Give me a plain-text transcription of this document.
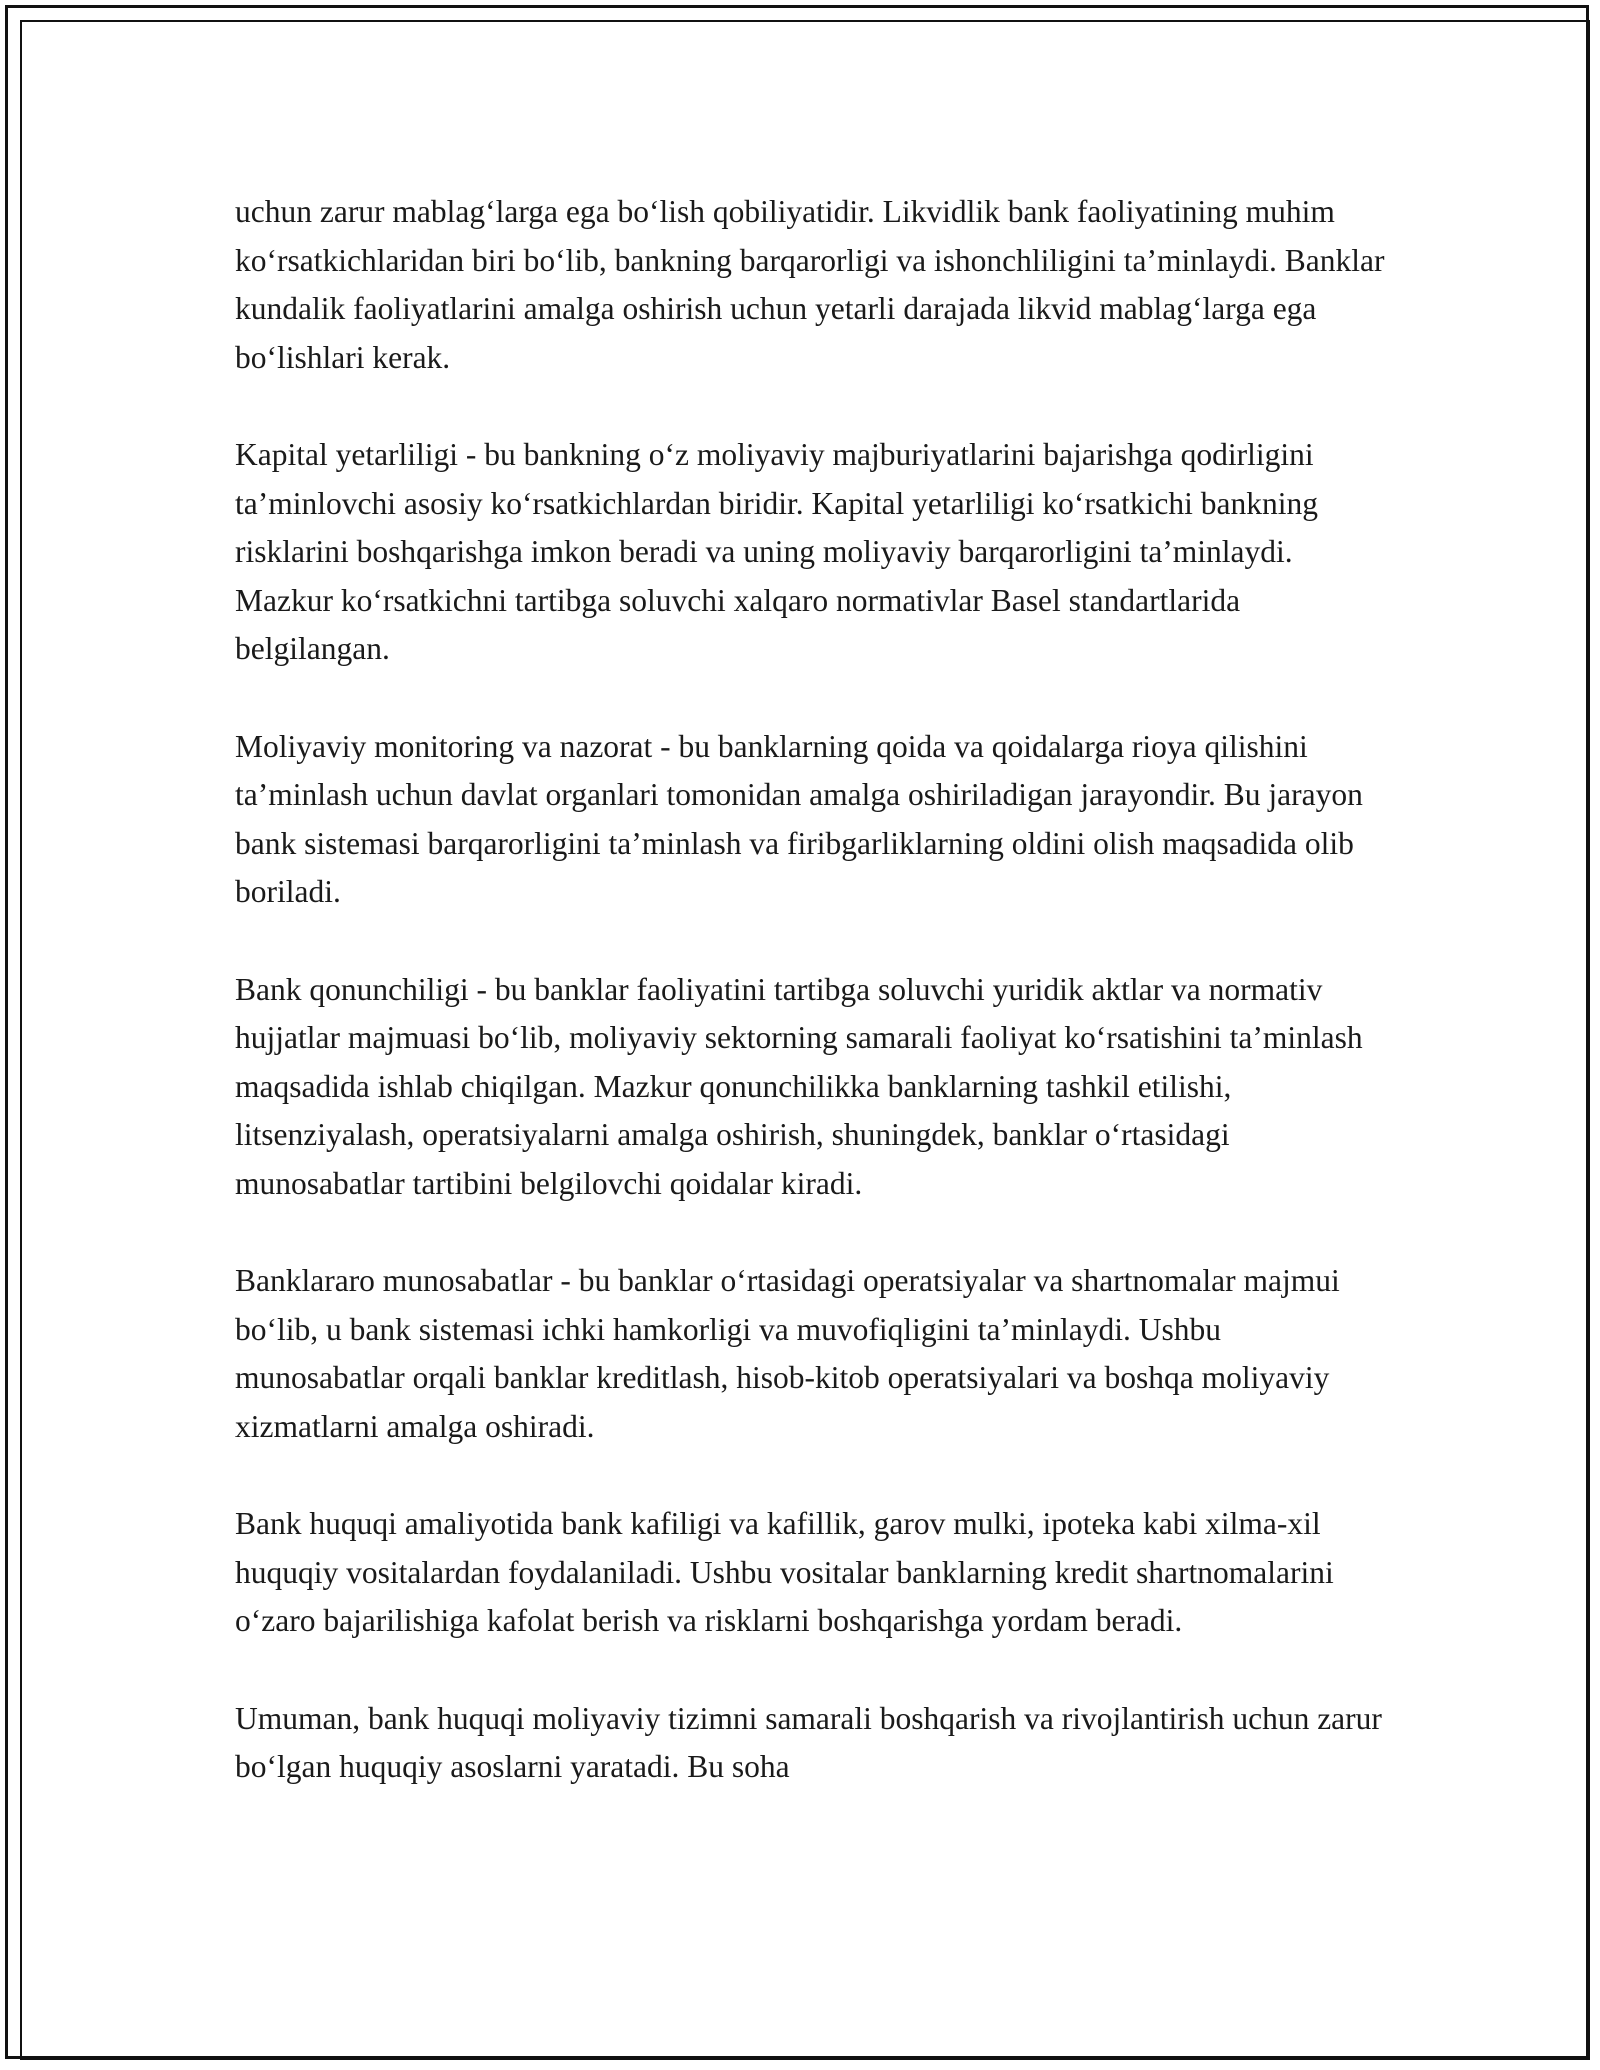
uchun zarur mablag‘larga ega bo‘lish qobiliyatidir. Likvidlik bank faoliyatining muhim ko‘rsatkichlaridan biri bo‘lib, bankning barqarorligi va ishonchliligini ta’minlaydi. Banklar kundalik faoliyatlarini amalga oshirish uchun yetarli darajada likvid mablag‘larga ega bo‘lishlari kerak.

Kapital yetarliligi - bu bankning o‘z moliyaviy majburiyatlarini bajarishga qodirligini ta’minlovchi asosiy ko‘rsatkichlardan biridir. Kapital yetarliligi ko‘rsatkichi bankning risklarini boshqarishga imkon beradi va uning moliyaviy barqarorligini ta’minlaydi. Mazkur ko‘rsatkichni tartibga soluvchi xalqaro normativlar Basel standartlarida belgilangan.

Moliyaviy monitoring va nazorat - bu banklarning qoida va qoidalarga rioya qilishini ta’minlash uchun davlat organlari tomonidan amalga oshiriladigan jarayondir. Bu jarayon bank sistemasi barqarorligini ta’minlash va firibgarliklarning oldini olish maqsadida olib boriladi.

Bank qonunchiligi - bu banklar faoliyatini tartibga soluvchi yuridik aktlar va normativ hujjatlar majmuasi bo‘lib, moliyaviy sektorning samarali faoliyat ko‘rsatishini ta’minlash maqsadida ishlab chiqilgan. Mazkur qonunchilikka banklarning tashkil etilishi, litsenziyalash, operatsiyalarni amalga oshirish, shuningdek, banklar o‘rtasidagi munosabatlar tartibini belgilovchi qoidalar kiradi.

Banklararo munosabatlar - bu banklar o‘rtasidagi operatsiyalar va shartnomalar majmui bo‘lib, u bank sistemasi ichki hamkorligi va muvofiqligini ta’minlaydi. Ushbu munosabatlar orqali banklar kreditlash, hisob-kitob operatsiyalari va boshqa moliyaviy xizmatlarni amalga oshiradi.

Bank huquqi amaliyotida bank kafiligi va kafillik, garov mulki, ipoteka kabi xilma-xil huquqiy vositalardan foydalaniladi. Ushbu vositalar banklarning kredit shartnomalarini o‘zaro bajarilishiga kafolat berish va risklarni boshqarishga yordam beradi.

Umuman, bank huquqi moliyaviy tizimni samarali boshqarish va rivojlantirish uchun zarur bo‘lgan huquqiy asoslarni yaratadi. Bu soha
